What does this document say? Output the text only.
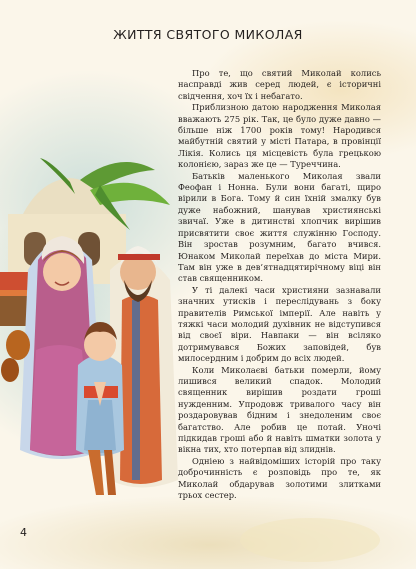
ЖИТТЯ СВЯТОГО МИКОЛАЯ

Про те, що святий Миколай колись насправді жив серед людей, є історичні свідчення, хоч їх і небагато.

Приблизною датою народження Миколая вважають 275 рік. Так, це було дуже давно — більше ніж 1700 років тому! Народився майбутній святий у місті Патара, в провінції Лікія. Колись ця місцевість була грецькою колонією, зараз же це — Туреччина.

Батьків маленького Миколая звали Феофан і Нонна. Були вони багаті, щиро вірили в Бога. Тому й син їхній змалку був дуже набожний, шанував християнські звичаї. Уже в дитинстві хлопчик вирішив присвятити своє життя служінню Господу. Він зростав розумним, багато вчився. Юнаком Миколай переїхав до міста Мири. Там він уже в дев’ятнадцятирічному віці він став священником.

У ті далекі часи християни зазнавали значних утисків і переслідувань з боку правителів Римської імперії. Але навіть у тяжкі часи молодий духівник не відступився від своєї віри. Навпаки — він всіляко дотримувався Божих заповідей, був милосердним і добрим до всіх людей.

Коли Миколаєві батьки померли, йому лишився великий спадок. Молодий священник вирішив роздати гроші нужденним. Упродовж тривалого часу він роздаровував бідним і знедоленим своє багатство. Але робив це потай. Уночі підкидав гроші або й навіть шматки золота у вікна тих, хто потерпав від злиднів.

Одніею з найвідоміших історій про таку доброчинність є розповідь про те, як Миколай обдарував золотими злитками трьох сестер.

4
